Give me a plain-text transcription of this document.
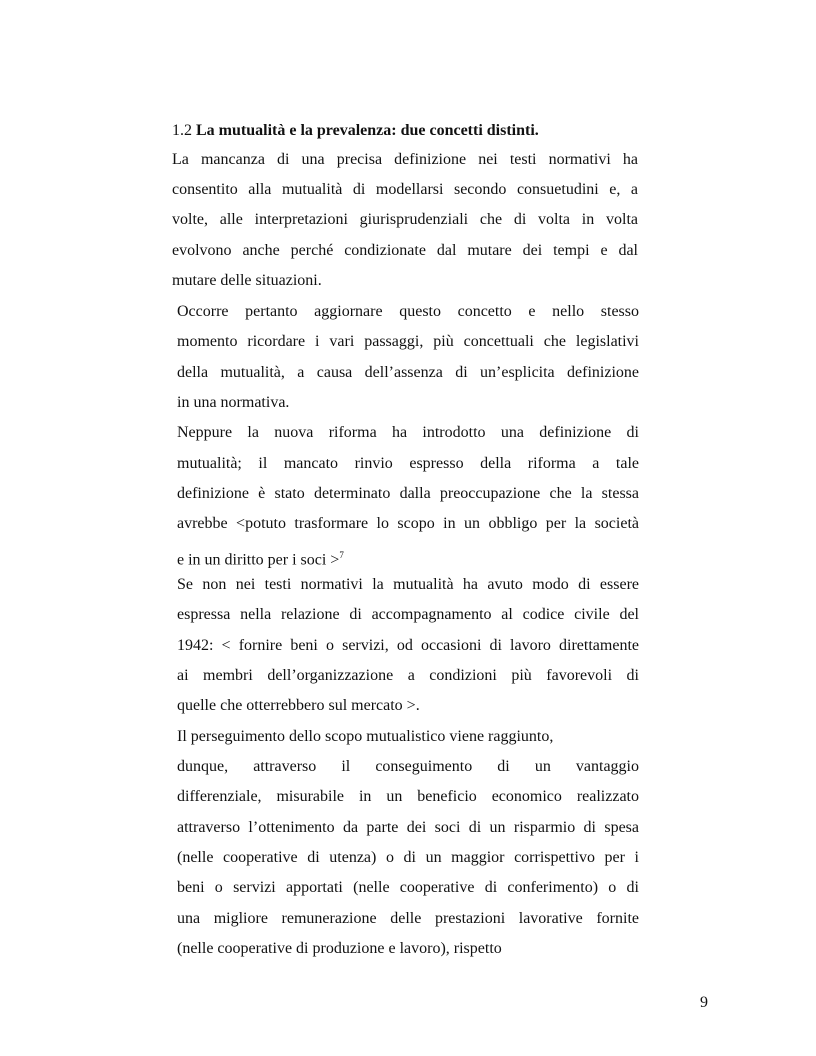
1.2 La mutualità e la prevalenza: due concetti distinti.
La mancanza di una precisa definizione nei testi normativi ha
consentito alla mutualità di modellarsi secondo consuetudini e, a
volte, alle interpretazioni giurisprudenziali che di volta in volta
evolvono anche perché condizionate dal mutare dei tempi e dal
mutare delle situazioni.
Occorre pertanto aggiornare questo concetto e nello stesso
momento ricordare i vari passaggi, più concettuali che legislativi
della mutualità, a causa dell’assenza di un’esplicita definizione
in una normativa.
Neppure la nuova riforma ha introdotto una definizione di
mutualità; il mancato rinvio espresso della riforma a tale
definizione è stato determinato dalla preoccupazione che la stessa
avrebbe <potuto trasformare lo scopo in un obbligo per la società
e in un diritto per i soci >$^7$
Se non nei testi normativi la mutualità ha avuto modo di essere
espressa nella relazione di accompagnamento al codice civile del
1942: < fornire beni o servizi, od occasioni di lavoro direttamente
ai membri dell’organizzazione a condizioni più favorevoli di
quelle che otterrebbero sul mercato >.
Il perseguimento dello scopo mutualistico viene raggiunto,
dunque, attraverso il conseguimento di un vantaggio
differenziale, misurabile in un beneficio economico realizzato
attraverso l’ottenimento da parte dei soci di un risparmio di spesa
(nelle cooperative di utenza) o di un maggior corrispettivo per i
beni o servizi apportati (nelle cooperative di conferimento) o di
una migliore remunerazione delle prestazioni lavorative fornite
(nelle cooperative di produzione e lavoro), rispetto
9
